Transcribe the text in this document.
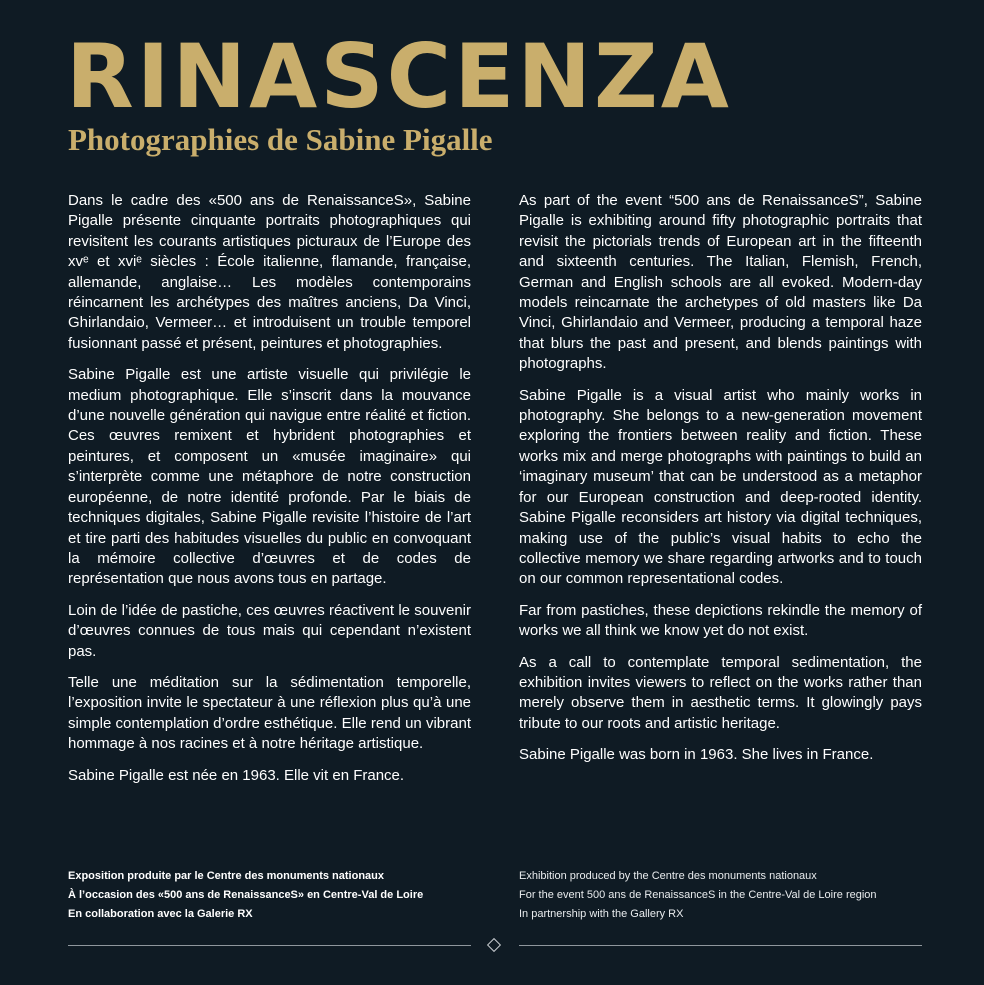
RINASCENZA
Photographies de Sabine Pigalle

Dans le cadre des «500 ans de RenaissanceS», Sabine Pigalle présente cinquante portraits photographiques qui revisitent les courants artistiques picturaux de l’Europe des xvᵉ et xviᵉ siècles : École italienne, flamande, française, allemande, anglaise… Les modèles contemporains réincarnent les archétypes des maîtres anciens, Da Vinci, Ghirlandaio, Vermeer… et introduisent un trouble temporel fusionnant passé et présent, peintures et photographies.

Sabine Pigalle est une artiste visuelle qui privilégie le medium photographique. Elle s’inscrit dans la mouvance d’une nouvelle génération qui navigue entre réalité et fiction. Ces œuvres remixent et hybrident photographies et peintures, et composent un «musée imaginaire» qui s’interprète comme une métaphore de notre construction européenne, de notre identité profonde. Par le biais de techniques digitales, Sabine Pigalle revisite l’histoire de l’art et tire parti des habitudes visuelles du public en convoquant la mémoire collective d’œuvres et de codes de représentation que nous avons tous en partage.

Loin de l’idée de pastiche, ces œuvres réactivent le souvenir d’œuvres connues de tous mais qui cependant n’existent pas.

Telle une méditation sur la sédimentation temporelle, l’exposition invite le spectateur à une réflexion plus qu’à une simple contemplation d’ordre esthétique. Elle rend un vibrant hommage à nos racines et à notre héritage artistique.

Sabine Pigalle est née en 1963. Elle vit en France.

As part of the event “500 ans de RenaissanceS”, Sabine Pigalle is exhibiting around fifty photographic portraits that revisit the pictorials trends of European art in the fifteenth and sixteenth centuries. The Italian, Flemish, French, German and English schools are all evoked. Modern-day models reincarnate the archetypes of old masters like Da Vinci, Ghirlandaio and Vermeer, producing a temporal haze that blurs the past and present, and blends paintings with photographs.

Sabine Pigalle is a visual artist who mainly works in photography. She belongs to a new-generation movement exploring the frontiers between reality and fiction. These works mix and merge photographs with paintings to build an ‘imaginary museum’ that can be understood as a metaphor for our European construction and deep-rooted identity. Sabine Pigalle reconsiders art history via digital techniques, making use of the public’s visual habits to echo the collective memory we share regarding artworks and to touch on our common representational codes.

Far from pastiches, these depictions rekindle the memory of works we all think we know yet do not exist.

As a call to contemplate temporal sedimentation, the exhibition invites viewers to reflect on the works rather than merely observe them in aesthetic terms. It glowingly pays tribute to our roots and artistic heritage.

Sabine Pigalle was born in 1963. She lives in France.

Exposition produite par le Centre des monuments nationaux
À l’occasion des «500 ans de RenaissanceS» en Centre-Val de Loire
En collaboration avec la Galerie RX
Exhibition produced by the Centre des monuments nationaux
For the event 500 ans de RenaissanceS in the Centre-Val de Loire region
In partnership with the Gallery RX
